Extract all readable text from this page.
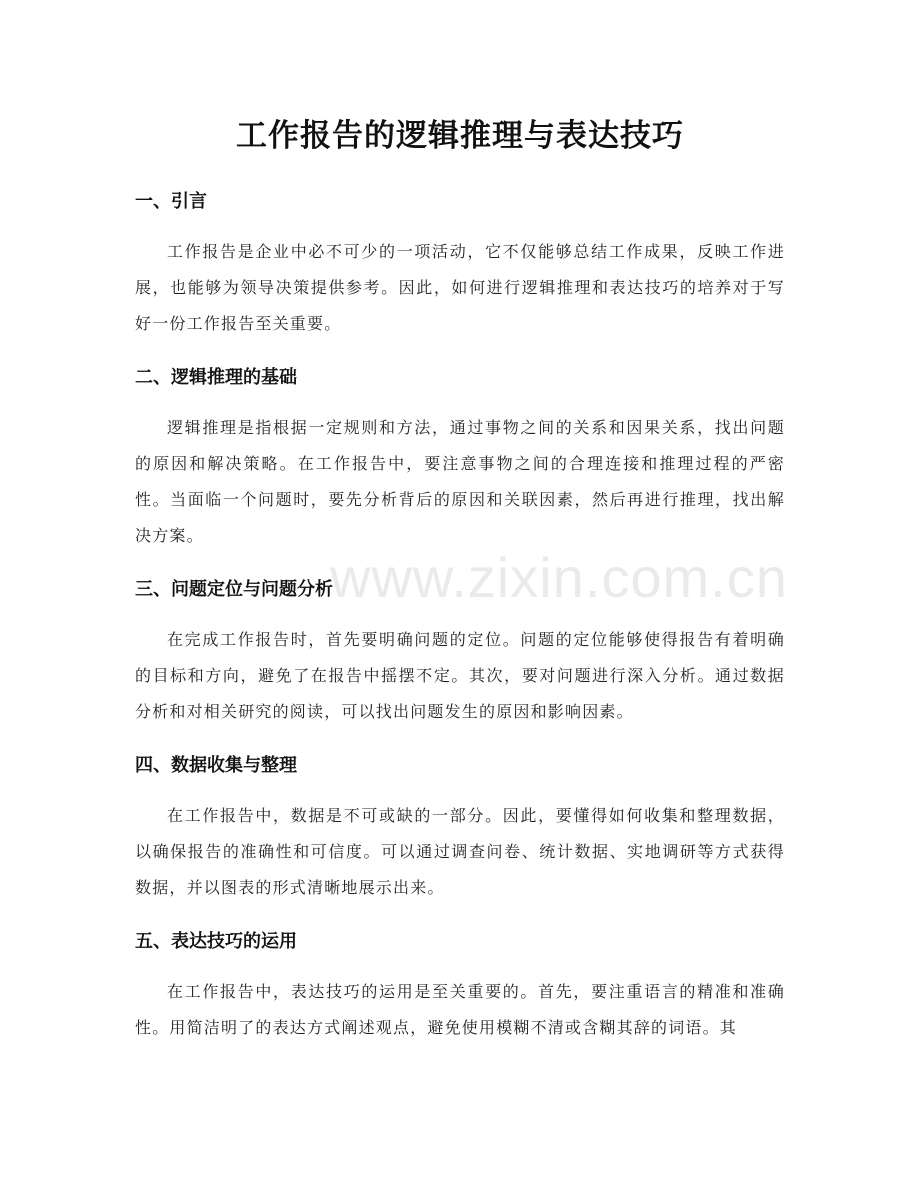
工作报告的逻辑推理与表达技巧
一、引言

工作报告是企业中必不可少的一项活动，它不仅能够总结工作成果，反映工作进展，也能够为领导决策提供参考。因此，如何进行逻辑推理和表达技巧的培养对于写好一份工作报告至关重要。

二、逻辑推理的基础

逻辑推理是指根据一定规则和方法，通过事物之间的关系和因果关系，找出问题的原因和解决策略。在工作报告中，要注意事物之间的合理连接和推理过程的严密性。当面临一个问题时，要先分析背后的原因和关联因素，然后再进行推理，找出解决方案。

三、问题定位与问题分析

在完成工作报告时，首先要明确问题的定位。问题的定位能够使得报告有着明确的目标和方向，避免了在报告中摇摆不定。其次，要对问题进行深入分析。通过数据分析和对相关研究的阅读，可以找出问题发生的原因和影响因素。

四、数据收集与整理

在工作报告中，数据是不可或缺的一部分。因此，要懂得如何收集和整理数据，以确保报告的准确性和可信度。可以通过调查问卷、统计数据、实地调研等方式获得数据，并以图表的形式清晰地展示出来。

五、表达技巧的运用

在工作报告中，表达技巧的运用是至关重要的。首先，要注重语言的精准和准确性。用简洁明了的表达方式阐述观点，避免使用模糊不清或含糊其辞的词语。其

www.zixin.com.cn
